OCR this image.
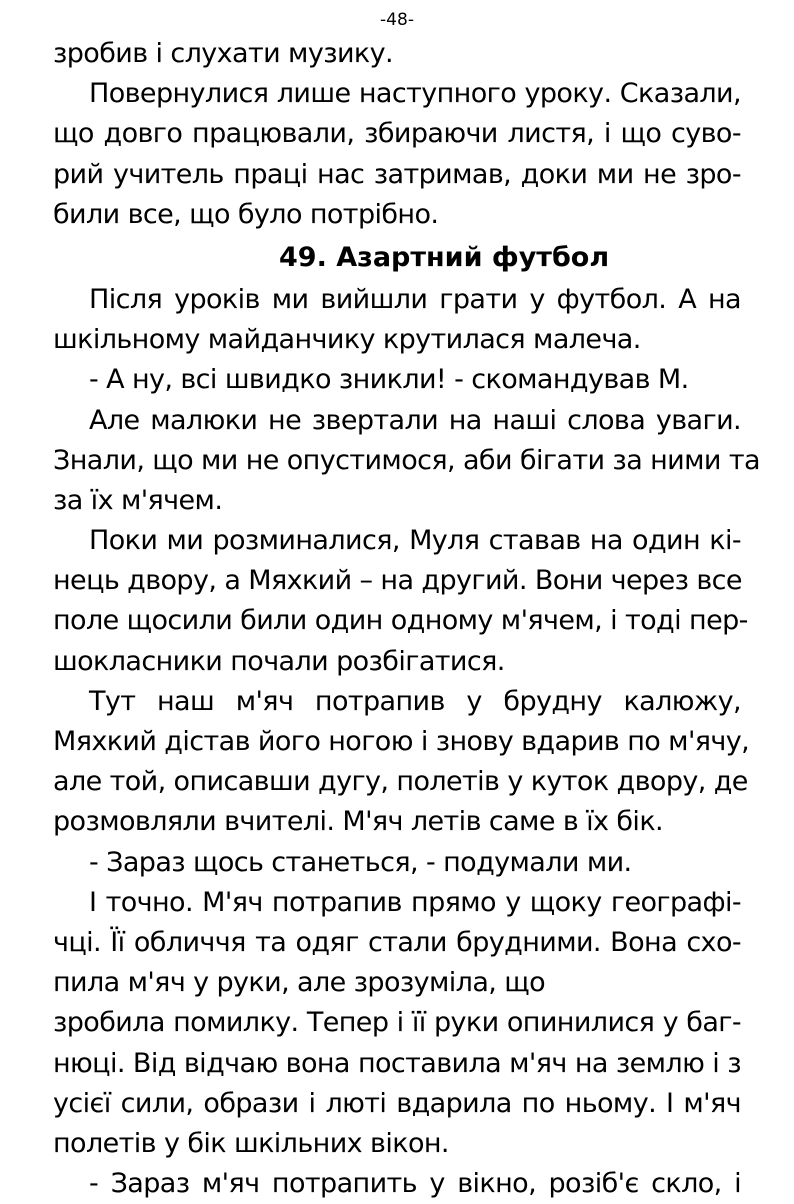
-48-
зробив і слухати музику.
Повернулися лише наступного уроку. Сказали,
що довго працювали, збираючи листя, і що суво-
рий учитель праці нас затримав, доки ми не зро-
били все, що було потрібно.
49. Азартний футбол
Після уроків ми вийшли грати у футбол. А на
шкільному майданчику крутилася малеча.
- А ну, всі швидко зникли! - скомандував М.
Але малюки не звертали на наші слова уваги.
Знали, що ми не опустимося, аби бігати за ними та
за їх м'ячем.
Поки ми розминалися, Муля ставав на один кі-
нець двору, а Мяхкий – на другий. Вони через все
поле щосили били один одному м'ячем, і тоді пер-
шокласники почали розбігатися.
Тут наш м'яч потрапив у брудну калюжу,
Мяхкий дістав його ногою і знову вдарив по м'ячу,
але той, описавши дугу, полетів у куток двору, де
розмовляли вчителі. М'яч летів саме в їх бік.
- Зараз щось станеться, - подумали ми.
І точно. М'яч потрапив прямо у щоку географі-
чці. Її обличчя та одяг стали брудними. Вона схо-
пила м'яч у руки, але зрозуміла, що
зробила помилку. Тепер і її руки опинилися у баг-
нюці. Від відчаю вона поставила м'яч на землю і з
усієї сили, образи і люті вдарила по ньому. І м'яч
полетів у бік шкільних вікон.
- Зараз м'яч потрапить у вікно, розіб'є скло, і
